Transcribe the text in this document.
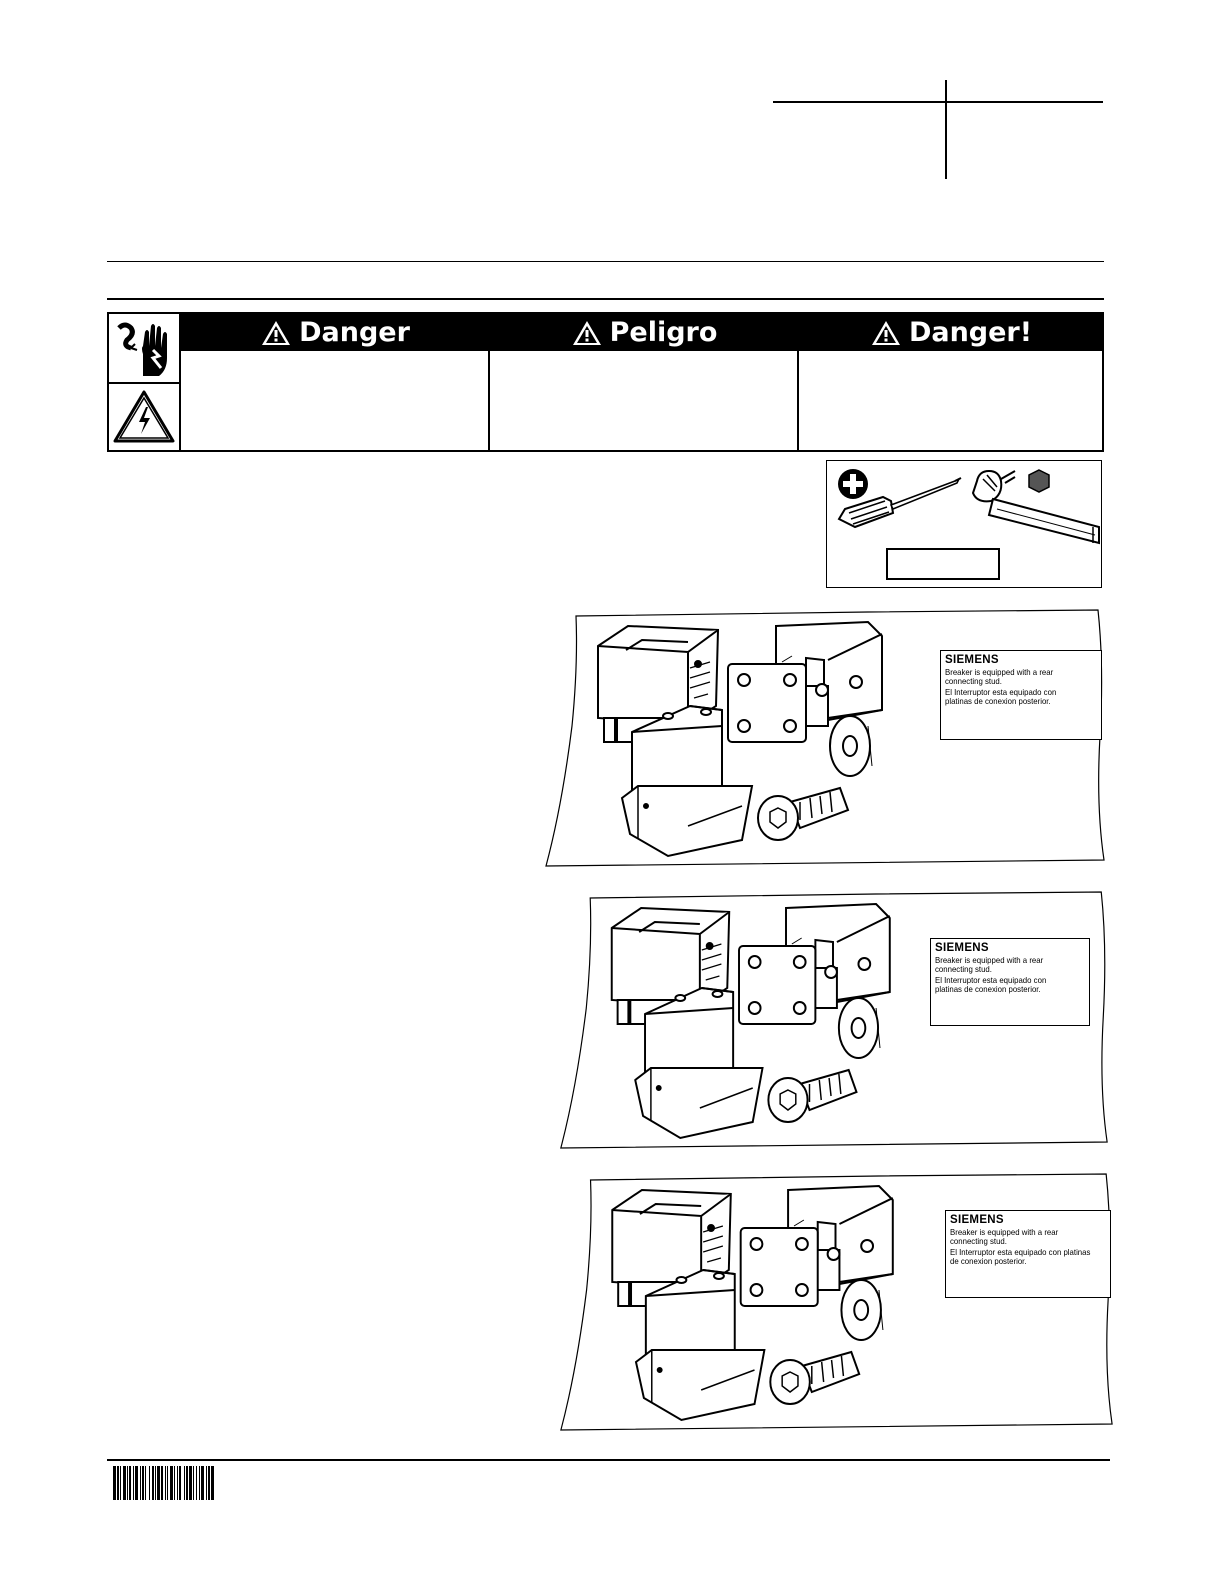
Danger	Peligro	Danger!
SIEMENS
Breaker is equipped with a rear connecting stud.
El Interruptor esta equipado con platinas de conexion posterior.
SIEMENS
Breaker is equipped with a rear connecting stud.
El Interruptor esta equipado con platinas de conexion posterior.
SIEMENS
Breaker is equipped with a rear connecting stud.
El Interruptor esta equipado con platinas de conexion posterior.
